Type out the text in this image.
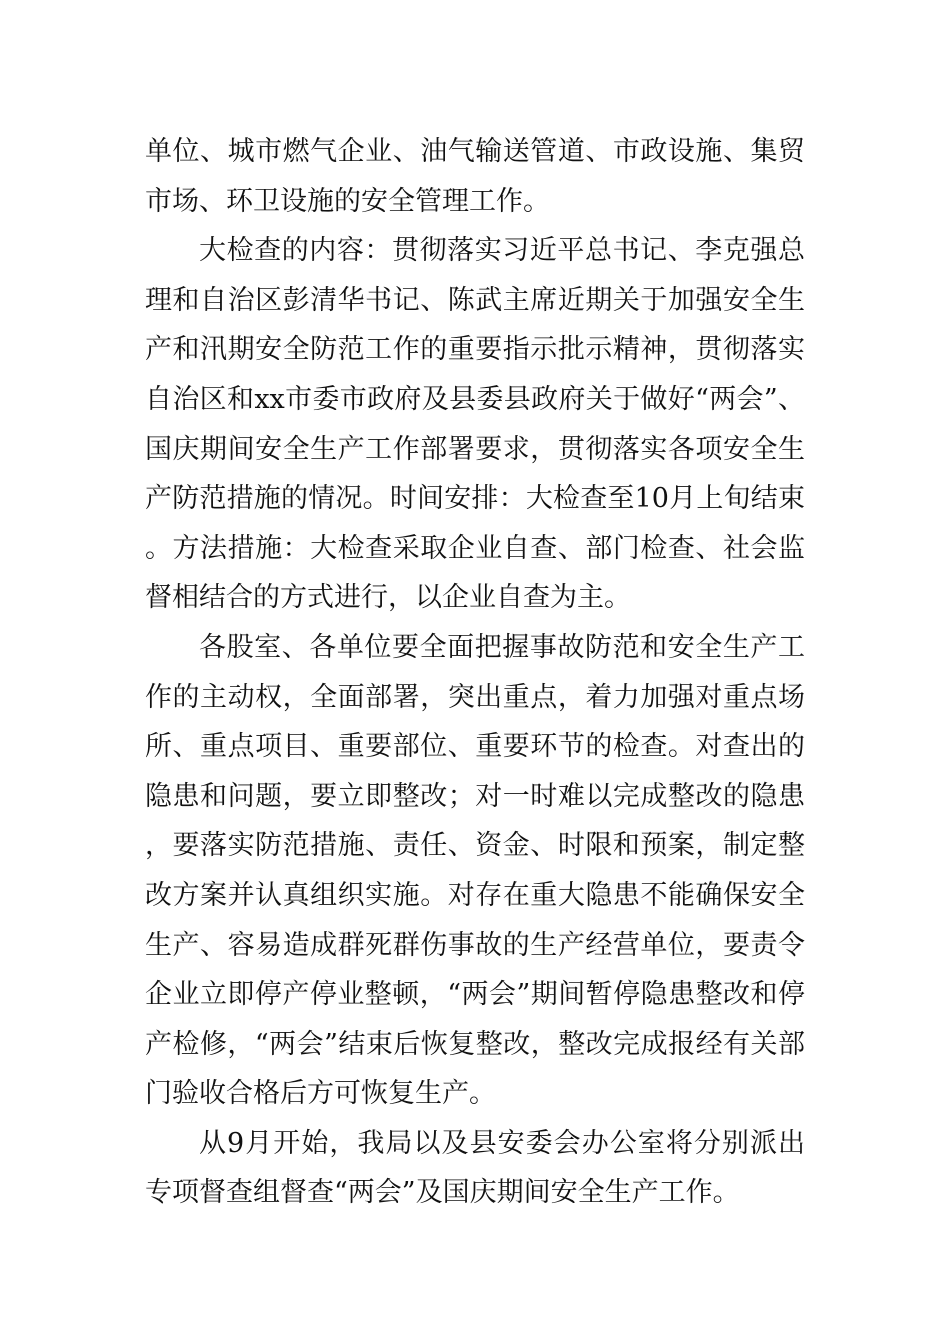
单位、城市燃气企业、油气输送管道、市政设施、集贸市场、环卫设施的安全管理工作。

大检查的内容：贯彻落实习近平总书记、李克强总理和自治区彭清华书记、陈武主席近期关于加强安全生产和汛期安全防范工作的重要指示批示精神，贯彻落实自治区和xx市委市政府及县委县政府关于做好“两会”、国庆期间安全生产工作部署要求，贯彻落实各项安全生产防范措施的情况。时间安排：大检查至10月上旬结束。方法措施：大检查采取企业自查、部门检查、社会监督相结合的方式进行，以企业自查为主。

各股室、各单位要全面把握事故防范和安全生产工作的主动权，全面部署，突出重点，着力加强对重点场所、重点项目、重要部位、重要环节的检查。对查出的隐患和问题，要立即整改；对一时难以完成整改的隐患，要落实防范措施、责任、资金、时限和预案，制定整改方案并认真组织实施。对存在重大隐患不能确保安全生产、容易造成群死群伤事故的生产经营单位，要责令企业立即停产停业整顿，“两会”期间暂停隐患整改和停产检修，“两会”结束后恢复整改，整改完成报经有关部门验收合格后方可恢复生产。

从9月开始，我局以及县安委会办公室将分别派出专项督查组督查“两会”及国庆期间安全生产工作。
